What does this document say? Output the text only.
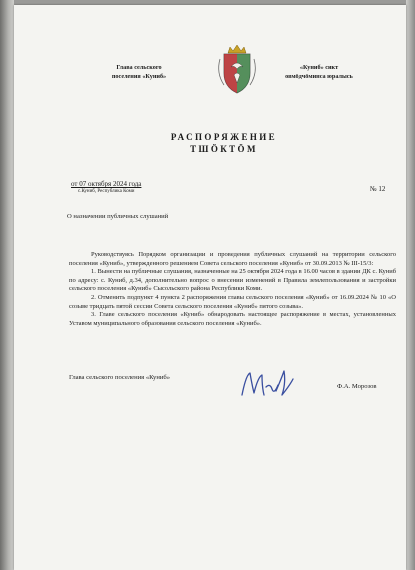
Глава сельского
поселения «Куниб»
«Куниб» сикт
овмöдчöминса юралысь
РАСПОРЯЖЕНИЕ
ТШÖКТÖМ
от 07 октября 2024 года
с.Куниб, Республика Коми	№ 12
О назначении публичных слушаний

Руководствуясь Порядком организации и проведения публичных слушаний на территории сельского поселения «Куниб», утвержденного решением Совета сельского поселения «Куниб» от 30.09.2013 № III-15/3:

1. Вынести на публичные слушания, назначенные на 25 октября 2024 года в 16.00 часов в здании ДК с. Куниб по адресу: с. Куниб, д.34, дополнительно вопрос о внесении изменений в Правила землепользования и застройки сельского поселения «Куниб» Сысольского района Республики Коми.

2. Отменить подпункт 4 пункта 2 распоряжения главы сельского поселения «Куниб» от 16.09.2024 № 10 «О созыве тридцать пятой сессии Совета сельского поселения «Куниб» пятого созыва».

3. Главе сельского поселения «Куниб» обнародовать настоящее распоряжение в местах, установленных Уставом муниципального образования сельского поселения «Куниб».

Глава сельского поселения «Куниб»
Ф.А. Морозов
